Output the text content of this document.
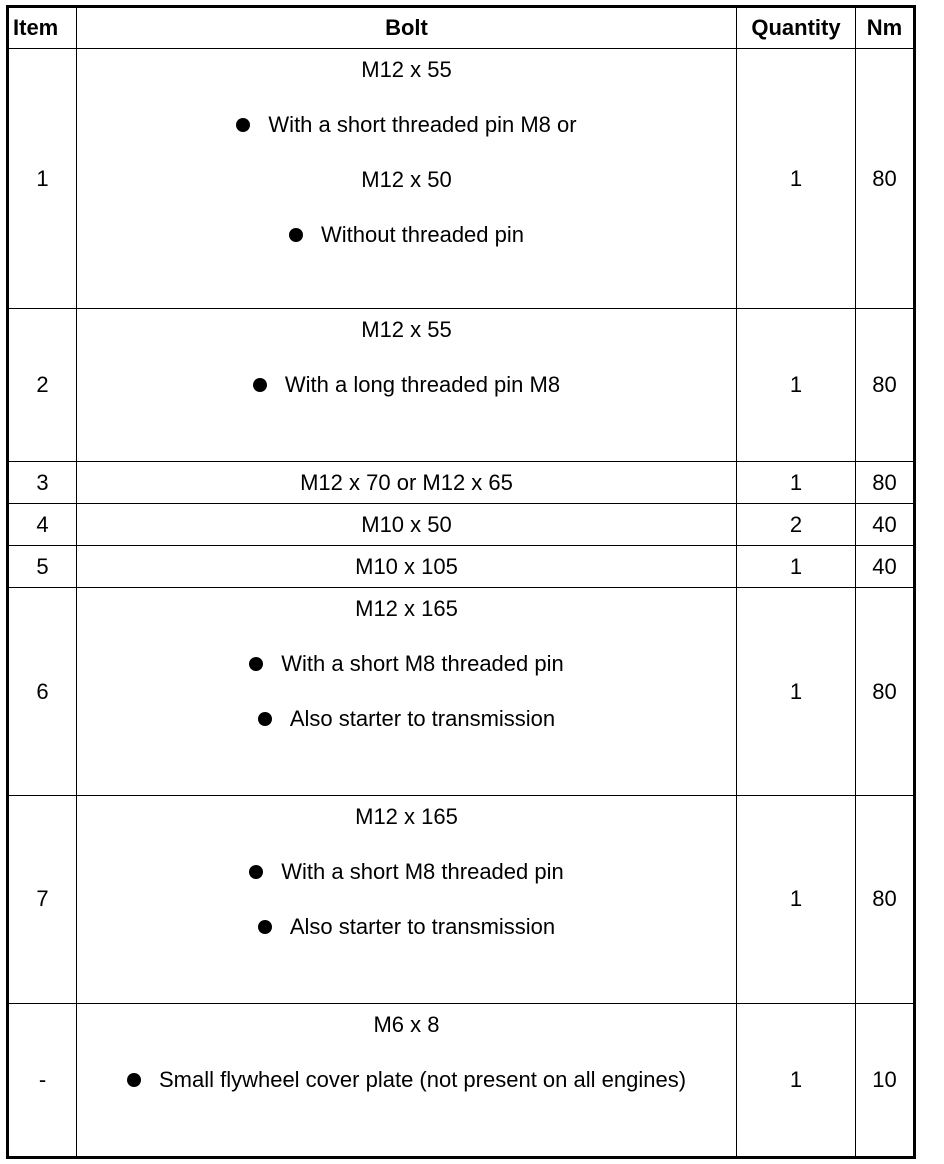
Item	Bolt	Quantity	Nm
1	M12 x 55
With a short threaded pin M8 or
M12 x 50
Without threaded pin	1	80
2	M12 x 55
With a long threaded pin M8	1	80
3	M12 x 70 or M12 x 65	1	80
4	M10 x 50	2	40
5	M10 x 105	1	40
6	M12 x 165
With a short M8 threaded pin
Also starter to transmission	1	80
7	M12 x 165
With a short M8 threaded pin
Also starter to transmission	1	80
-	M6 x 8
Small flywheel cover plate (not present on all engines)	1	10
